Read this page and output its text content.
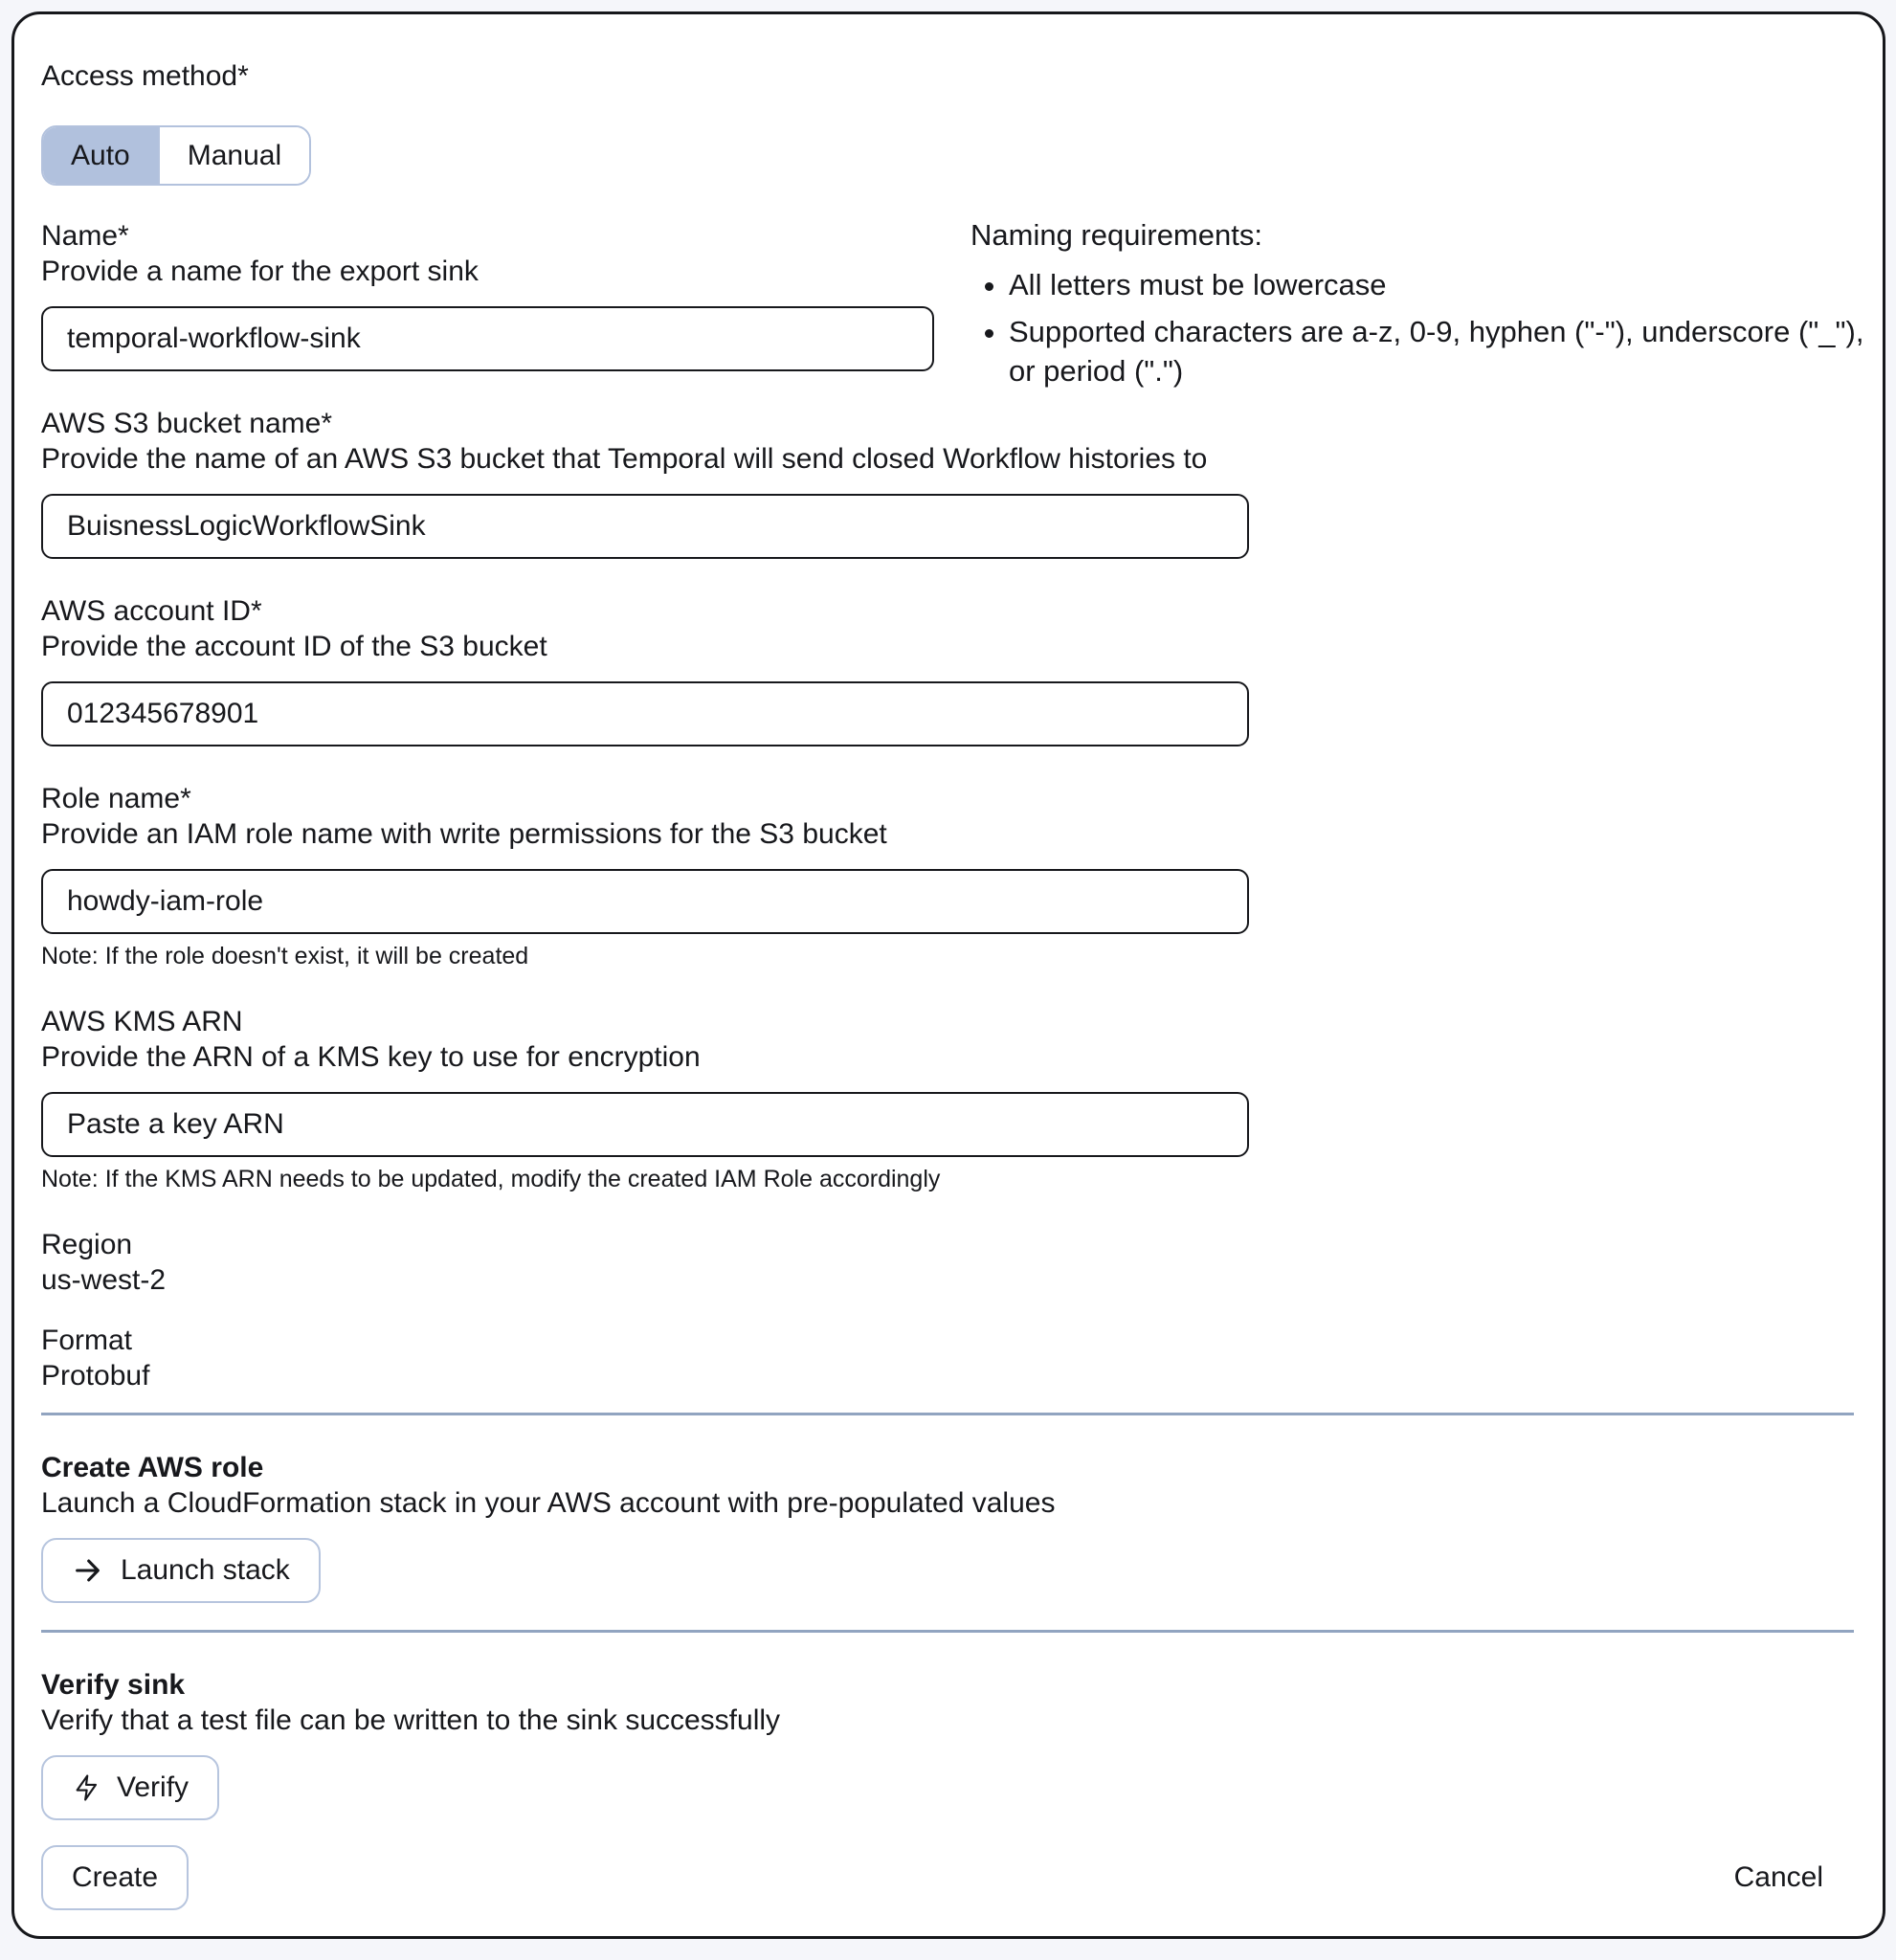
Access method*
Auto	Manual
Naming requirements:
• All letters must be lowercase
• Supported characters are a-z, 0-9, hyphen ("-"), underscore ("_"), or period (".")
Name*
Provide a name for the export sink
temporal-workflow-sink
AWS S3 bucket name*
Provide the name of an AWS S3 bucket that Temporal will send closed Workflow histories to
BuisnessLogicWorkflowSink
AWS account ID*
Provide the account ID of the S3 bucket
012345678901
Role name*
Provide an IAM role name with write permissions for the S3 bucket
howdy-iam-role
Note: If the role doesn't exist, it will be created
AWS KMS ARN
Provide the ARN of a KMS key to use for encryption
Paste a key ARN
Note: If the KMS ARN needs to be updated, modify the created IAM Role accordingly
Region
us-west-2
Format
Protobuf
Create AWS role
Launch a CloudFormation stack in your AWS account with pre-populated values
Launch stack
Verify sink
Verify that a test file can be written to the sink successfully
Verify
Create	Cancel
